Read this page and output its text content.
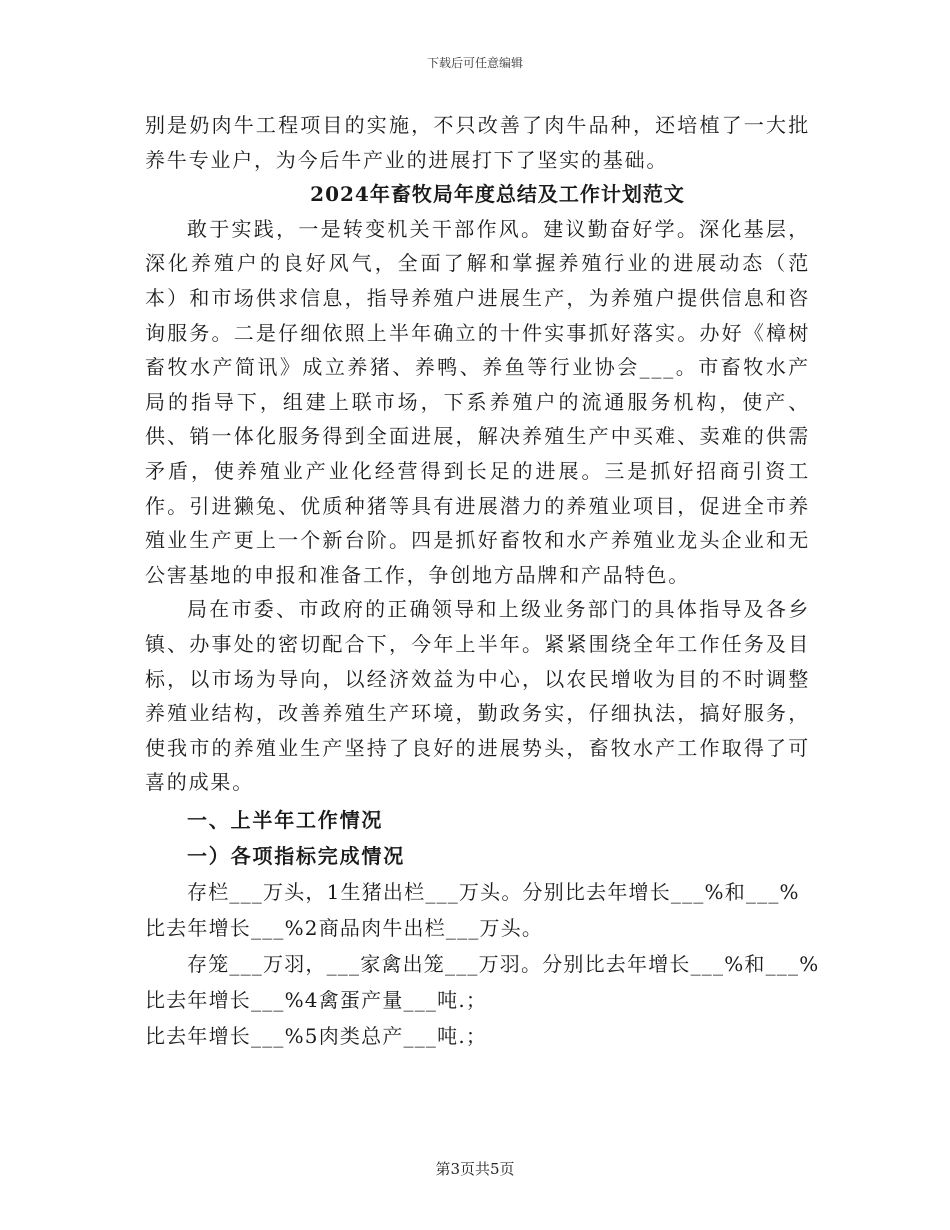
下载后可任意编辑

别是奶肉牛工程项目的实施，不只改善了肉牛品种，还培植了一大批养牛专业户，为今后牛产业的进展打下了坚实的基础。

2024年畜牧局年度总结及工作计划范文

敢于实践，一是转变机关干部作风。建议勤奋好学。深化基层，深化养殖户的良好风气，全面了解和掌握养殖行业的进展动态（范本）和市场供求信息，指导养殖户进展生产，为养殖户提供信息和咨询服务。二是仔细依照上半年确立的十件实事抓好落实。办好《樟树畜牧水产简讯》成立养猪、养鸭、养鱼等行业协会___。市畜牧水产局的指导下，组建上联市场，下系养殖户的流通服务机构，使产、供、销一体化服务得到全面进展，解决养殖生产中买难、卖难的供需矛盾，使养殖业产业化经营得到长足的进展。三是抓好招商引资工作。引进獭兔、优质种猪等具有进展潜力的养殖业项目，促进全市养殖业生产更上一个新台阶。四是抓好畜牧和水产养殖业龙头企业和无公害基地的申报和准备工作，争创地方品牌和产品特色。

局在市委、市政府的正确领导和上级业务部门的具体指导及各乡镇、办事处的密切配合下，今年上半年。紧紧围绕全年工作任务及目标，以市场为导向，以经济效益为中心，以农民增收为目的不时调整养殖业结构，改善养殖生产环境，勤政务实，仔细执法，搞好服务，使我市的养殖业生产坚持了良好的进展势头，畜牧水产工作取得了可喜的成果。

一、上半年工作情况

一）各项指标完成情况

存栏___万头，1生猪出栏___万头。分别比去年增长___%和___%

比去年增长___%2商品肉牛出栏___万头。

存笼___万羽，___家禽出笼___万羽。分别比去年增长___%和___%

比去年增长___%4禽蛋产量___吨.；

比去年增长___%5肉类总产___吨.；

第3页共5页
